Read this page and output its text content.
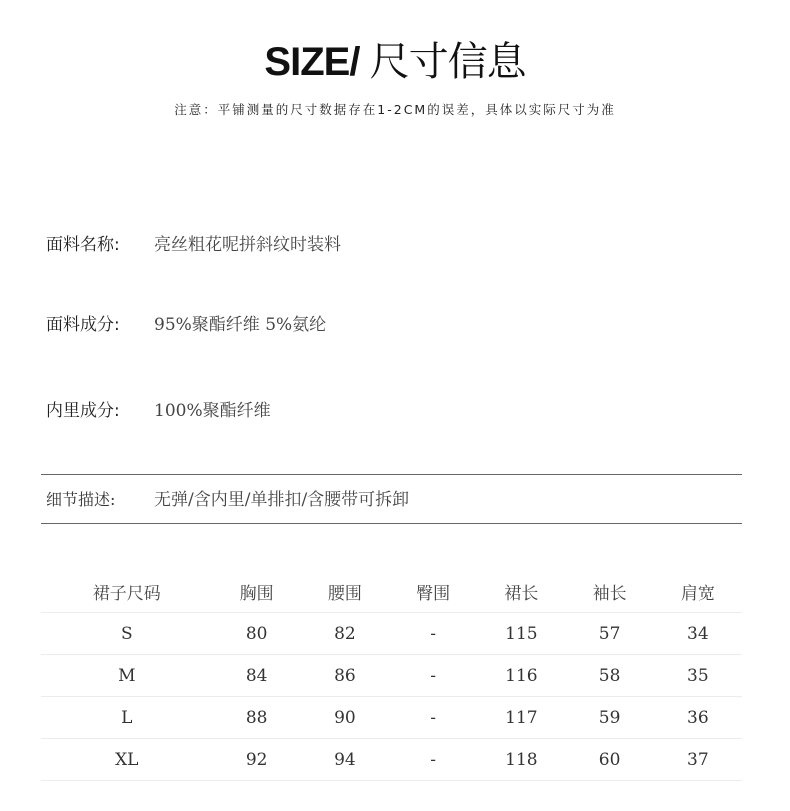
SIZE/ 尺寸信息
注意：平铺测量的尺寸数据存在1-2CM的误差，具体以实际尺寸为准
面料名称: 亮丝粗花呢拼斜纹时装料
面料成分: 95%聚酯纤维 5%氨纶
内里成分: 100%聚酯纤维
细节描述: 无弹/含内里/单排扣/含腰带可拆卸
裙子尺码	胸围	腰围	臀围	裙长	袖长	肩宽
S	80	82	-	115	57	34
M	84	86	-	116	58	35
L	88	90	-	117	59	36
XL	92	94	-	118	60	37
